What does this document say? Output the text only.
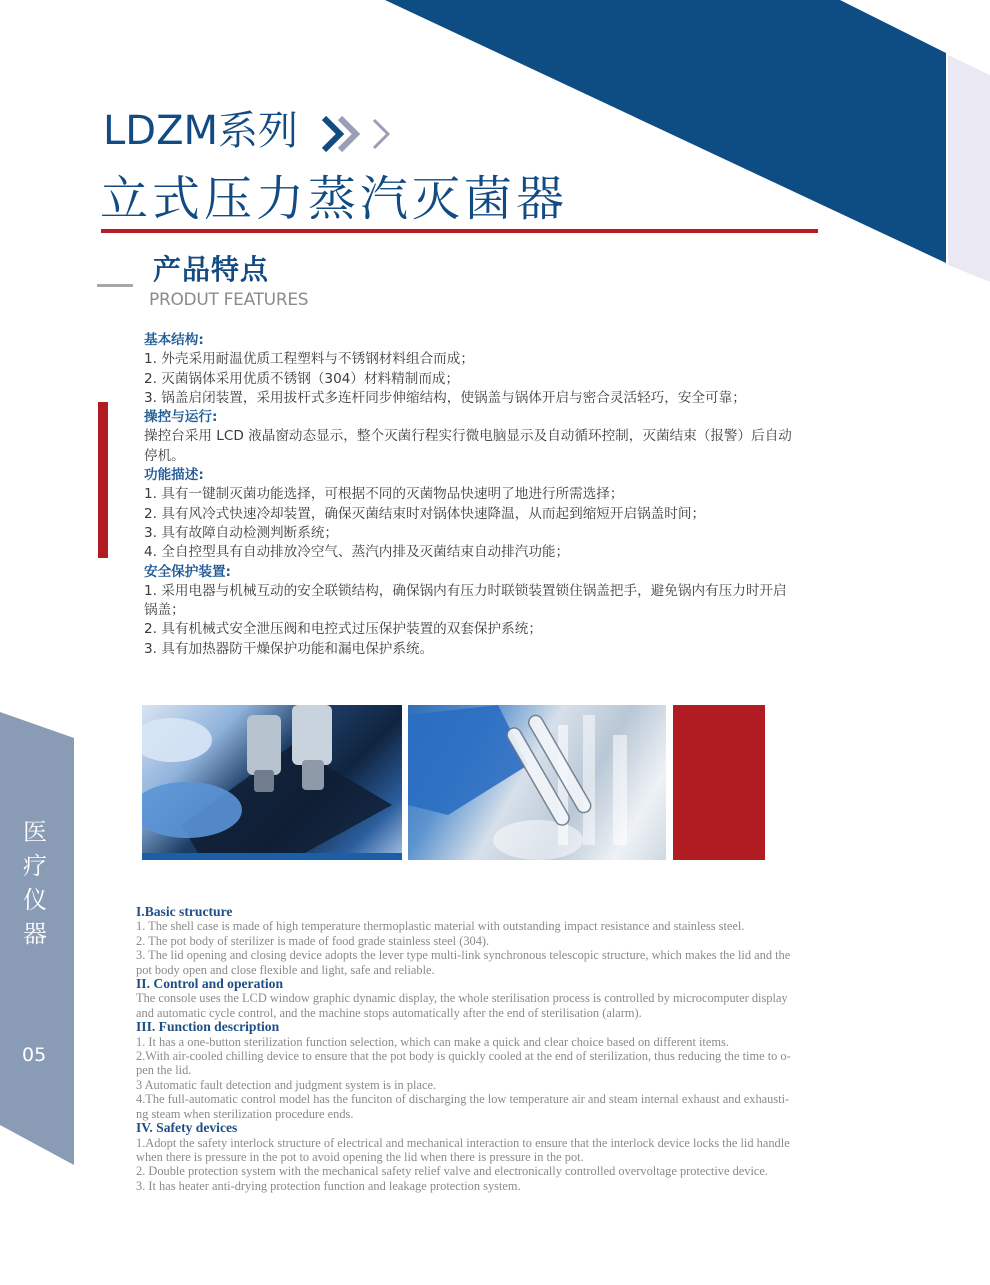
LDZM系列
立式压力蒸汽灭菌器
产品特点
PRODUT FEATURES
基本结构:
1. 外壳采用耐温优质工程塑料与不锈钢材料组合而成；
2. 灭菌锅体采用优质不锈钢（304）材料精制而成；
3. 锅盖启闭装置，采用拔杆式多连杆同步伸缩结构，使锅盖与锅体开启与密合灵活轻巧，安全可靠；
操控与运行:
操控台采用 LCD 液晶窗动态显示，整个灭菌行程实行微电脑显示及自动循环控制，灭菌结束（报警）后自动
停机。
功能描述:
1. 具有一键制灭菌功能选择，可根据不同的灭菌物品快速明了地进行所需选择；
2. 具有风冷式快速冷却装置，确保灭菌结束时对锅体快速降温，从而起到缩短开启锅盖时间；
3. 具有故障自动检测判断系统；
4. 全自控型具有自动排放冷空气、蒸汽内排及灭菌结束自动排汽功能；
安全保护装置:
1. 采用电器与机械互动的安全联锁结构，确保锅内有压力时联锁装置锁住锅盖把手，避免锅内有压力时开启
锅盖；
2. 具有机械式安全泄压阀和电控式过压保护装置的双套保护系统；
3. 具有加热器防干燥保护功能和漏电保护系统。
I.Basic structure
1. The shell case is made of high temperature thermoplastic material with outstanding impact resistance and stainless steel.
2. The pot body of sterilizer is made of food grade stainless steel (304).
3. The lid opening and closing device adopts the lever type multi-link synchronous telescopic structure, which makes the lid and the
pot body open and close flexible and light, safe and reliable.
II. Control and operation
The console uses the LCD window graphic dynamic display, the whole sterilisation process is controlled by microcomputer display
and automatic cycle control, and the machine stops automatically after the end of sterilisation (alarm).
III. Function description
1. It has a one-button sterilization function selection, which can make a quick and clear choice based on different items.
2.With air-cooled chilling device to ensure that the pot body is quickly cooled at the end of sterilization, thus reducing the time to o-
pen the lid.
3 Automatic fault detection and judgment system is in place.
4.The full-automatic control model has the funciton of discharging the low temperature air and steam internal exhaust and exhausti-
ng steam when sterilization procedure ends.
IV. Safety devices
1.Adopt the safety interlock structure of electrical and mechanical interaction to ensure that the interlock device locks the lid handle
when there is pressure in the pot to avoid opening the lid when there is pressure in the pot.
2. Double protection system with the mechanical safety relief valve and electronically controlled overvoltage protective device.
3. It has heater anti-drying protection function and leakage protection system.
医
疗
仪
器
05
